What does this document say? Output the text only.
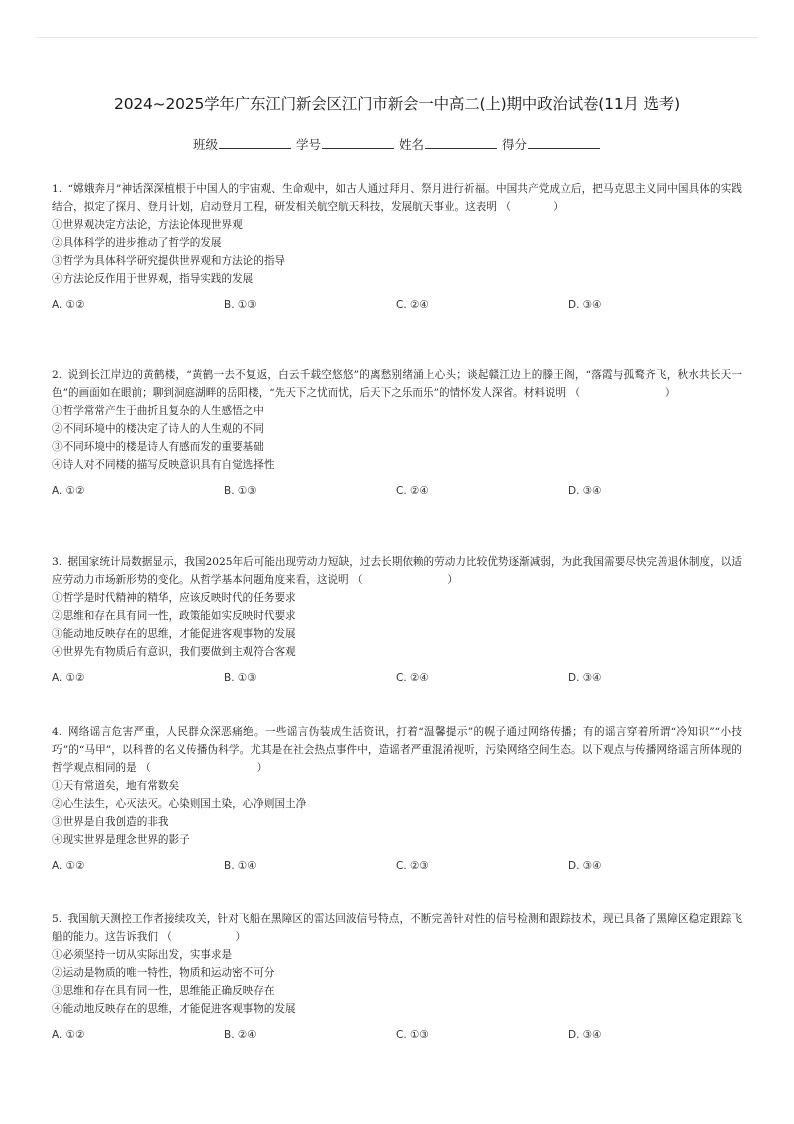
2024~2025学年广东江门新会区江门市新会一中高二(上)期中政治试卷(11月 选考)
班级	学号	姓名	得分
1. “嫦娥奔月”神话深深植根于中国人的宇宙观、生命观中，如古人通过拜月、祭月进行祈福。中国共产党成立后，把马克思主义同中国具体的实践结合，拟定了探月、登月计划，启动登月工程，研发相关航空航天科技，发展航天事业。这表明 （　　　　）
①世界观决定方法论，方法论体现世界观
②具体科学的进步推动了哲学的发展
③哲学为具体科学研究提供世界观和方法论的指导
④方法论反作用于世界观，指导实践的发展
A. ①②	B. ①③	C. ②④	D. ③④
2. 说到长江岸边的黄鹤楼，“黄鹤一去不复返，白云千载空悠悠”的离愁别绪涌上心头；谈起赣江边上的滕王阁，“落霞与孤鹜齐飞，秋水共长天一色”的画面如在眼前；聊到洞庭湖畔的岳阳楼，“先天下之忧而忧，后天下之乐而乐”的情怀发人深省。材料说明 （　　　　　　　　）
①哲学常常产生于曲折且复杂的人生感悟之中
②不同环境中的楼决定了诗人的人生观的不同
③不同环境中的楼是诗人有感而发的重要基础
④诗人对不同楼的描写反映意识具有自觉选择性
A. ①②	B. ①③	C. ②④	D. ③④
3. 据国家统计局数据显示，我国2025年后可能出现劳动力短缺，过去长期依赖的劳动力比较优势逐渐减弱，为此我国需要尽快完善退休制度，以适应劳动力市场新形势的变化。从哲学基本问题角度来看，这说明 （　　　　　　　　）
①哲学是时代精神的精华，应该反映时代的任务要求
②思维和存在具有同一性，政策能如实反映时代要求
③能动地反映存在的思维，才能促进客观事物的发展
④世界先有物质后有意识，我们要做到主观符合客观
A. ①②	B. ①③	C. ②④	D. ③④
4. 网络谣言危害严重，人民群众深恶痛绝。一些谣言伪装成生活资讯，打着“温馨提示”的幌子通过网络传播；有的谣言穿着所谓“冷知识”“小技巧”的“马甲”，以科普的名义传播伪科学。尤其是在社会热点事件中，造谣者严重混淆视听，污染网络空间生态。以下观点与传播网络谣言所体现的哲学观点相同的是 （　　　　　　　　　　）
①天有常道矣，地有常数矣
②心生法生，心灭法灭。心染则国土染，心净则国土净
③世界是自我创造的非我
④现实世界是理念世界的影子
A. ①②	B. ①④	C. ②③	D. ③④
5. 我国航天测控工作者接续攻关，针对飞船在黑障区的雷达回波信号特点，不断完善针对性的信号检测和跟踪技术，现已具备了黑障区稳定跟踪飞船的能力。这告诉我们 （　　　　　　）
①必须坚持一切从实际出发，实事求是
②运动是物质的唯一特性，物质和运动密不可分
③思维和存在具有同一性，思维能正确反映存在
④能动地反映存在的思维，才能促进客观事物的发展
A. ①②	B. ②④	C. ①③	D. ③④
